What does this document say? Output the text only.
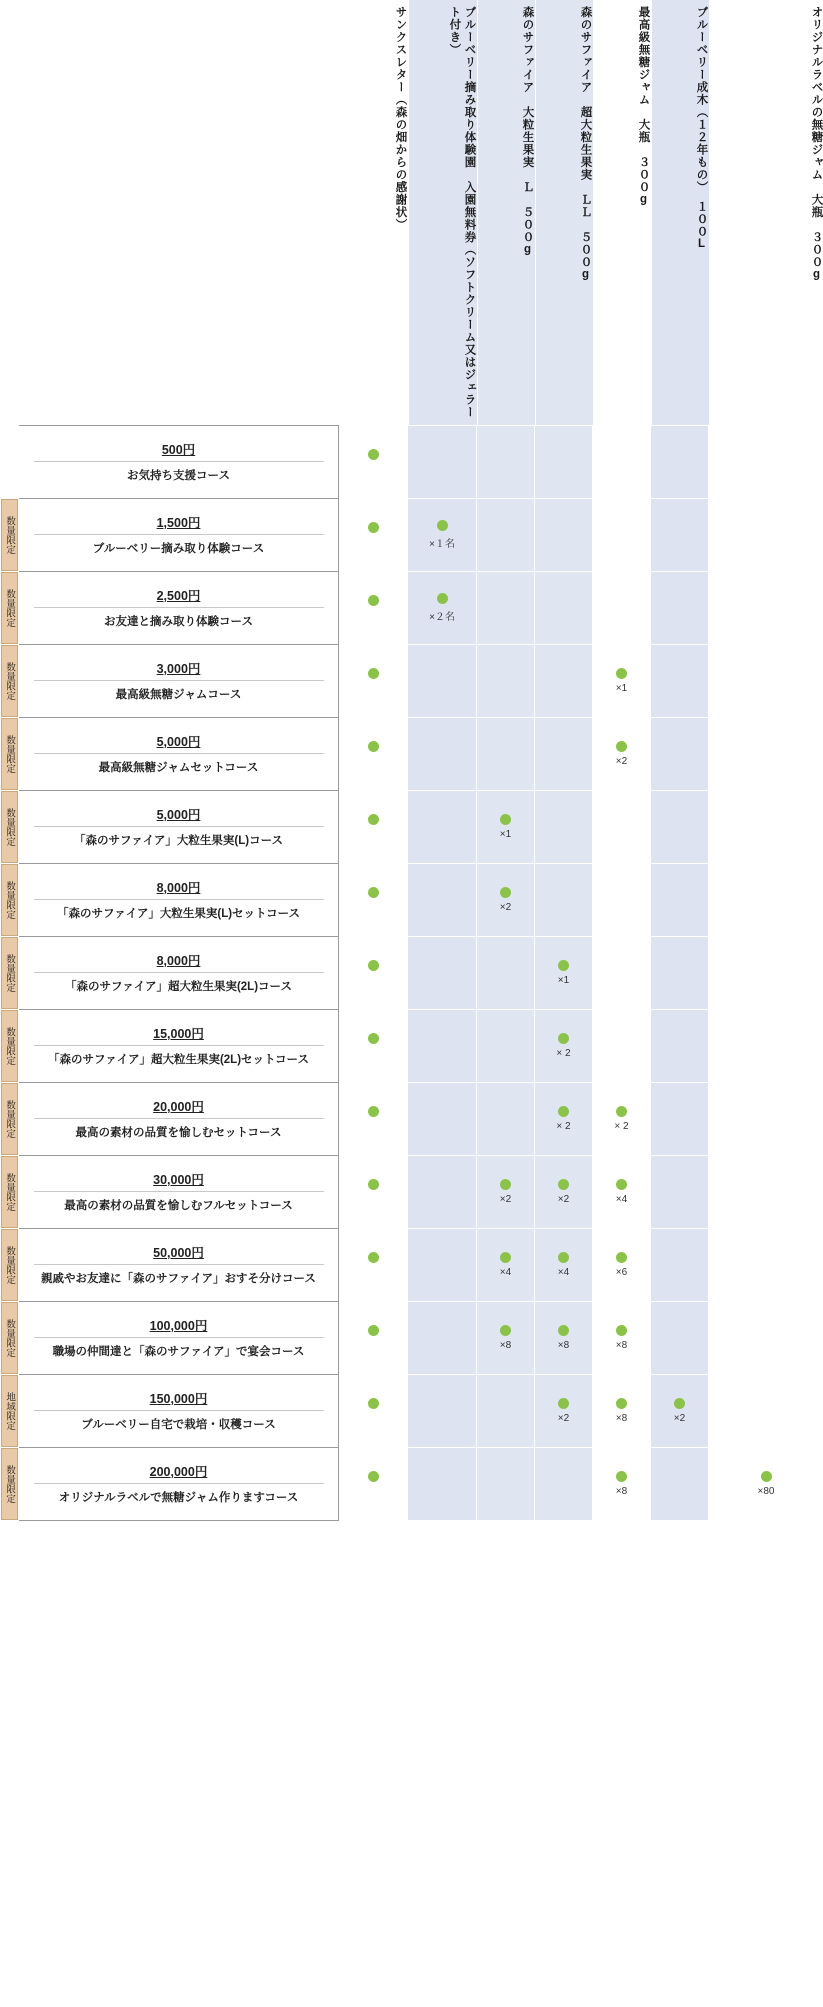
		サンクスレター（森の畑からの感謝状）	ブルーベリー摘み取り体験園　入園無料券（ソフトクリーム又はジェラート付き）	森のサファイア　大粒生果実　Ｌ　５００g	森のサファイア　超大粒生果実　ＬＬ　５００g	最高級無糖ジャム　大瓶　３００g	ブルーベリー成木（１２年もの）　１００L	オリジナルラベルの無糖ジャム　大瓶　３００g

	500円
お気持ち支援コース							

数量限定	1,500円
ブルーベリー摘み取り体験コース		×１名					

数量限定	2,500円
お友達と摘み取り体験コース		×２名					

数量限定	3,000円
最高級無糖ジャムコース					×1		

数量限定	5,000円
最高級無糖ジャムセットコース					×2		

数量限定	5,000円
「森のサファイア」大粒生果実(L)コース			×1				

数量限定	8,000円
「森のサファイア」大粒生果実(L)セットコース			×2				

数量限定	8,000円
「森のサファイア」超大粒生果実(2L)コース				×1			

数量限定	15,000円
「森のサファイア」超大粒生果実(2L)セットコース				× 2			

数量限定	20,000円
最高の素材の品質を愉しむセットコース				× 2	× 2		

数量限定	30,000円
最高の素材の品質を愉しむフルセットコース			×2	×2	×4		

数量限定	50,000円
親戚やお友達に「森のサファイア」おすそ分けコース			×4	×4	×6		

数量限定	100,000円
職場の仲間達と「森のサファイア」で宴会コース			×8	×8	×8		

地域限定	150,000円
ブルーベリー自宅で栽培・収穫コース				×2	×8	×2	

数量限定	200,000円
オリジナルラベルで無糖ジャム作りますコース					×8		×80
